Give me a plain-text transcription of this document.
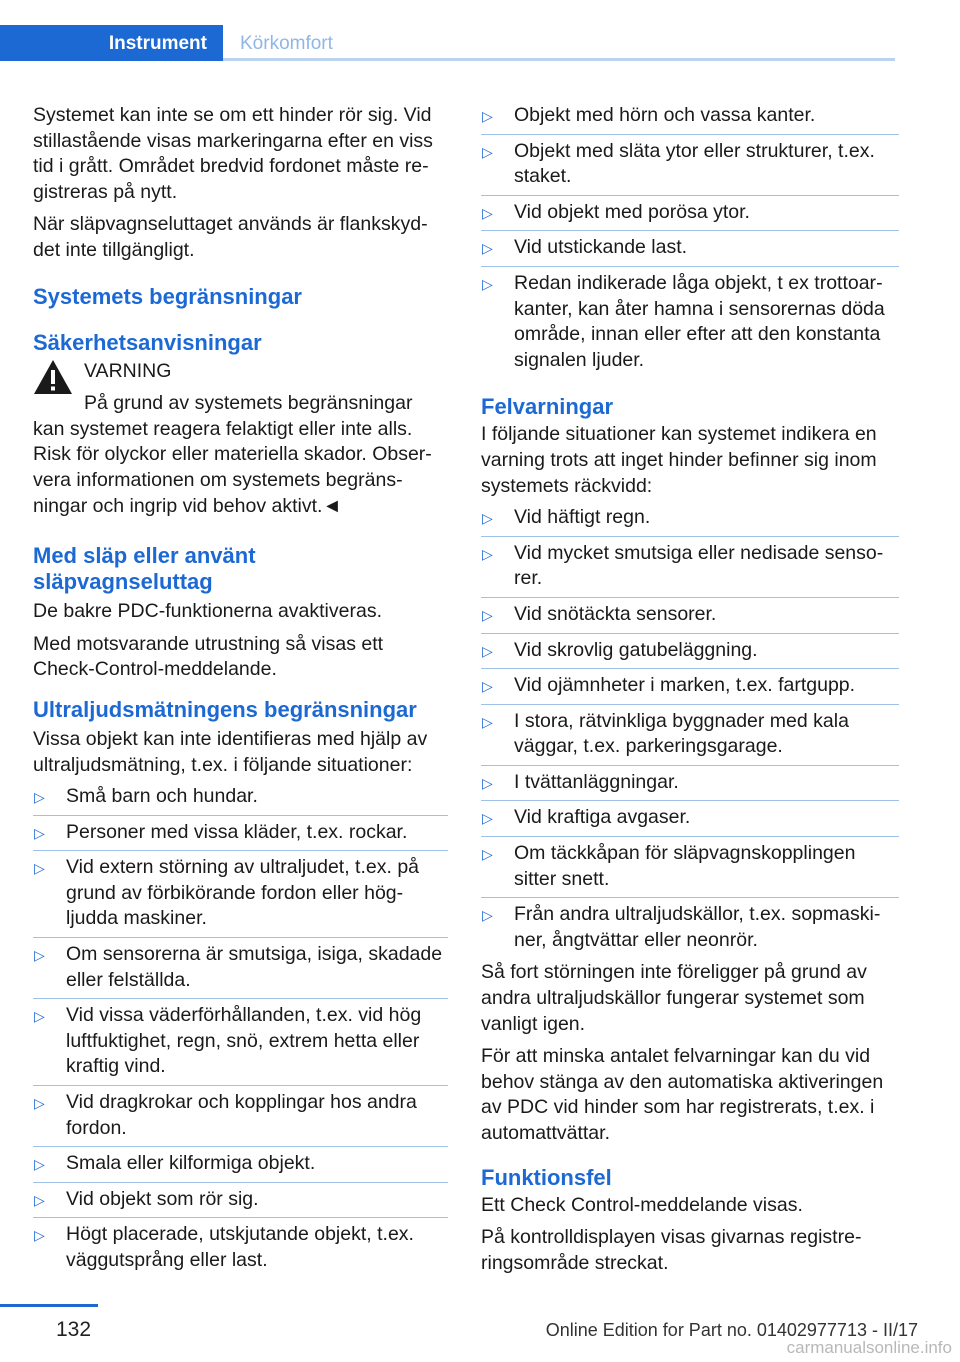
Instrument Körkomfort

Systemet kan inte se om ett hinder rör sig. Vid stillastående visas markeringarna efter en viss tid i grått. Området bredvid fordonet måste registreras på nytt.

När släpvagnseluttaget används är flankskyddet inte tillgängligt.

Systemets begränsningar
Säkerhetsanvisningar
VARNING
På grund av systemets begränsningar
kan systemet reagera felaktigt eller inte alls. Risk för olyckor eller materiella skador. Observera informationen om systemets begränsningar och ingrip vid behov aktivt.◄
Med släp eller använt släpvagnseluttag

De bakre PDC-funktionerna avaktiveras.

Med motsvarande utrustning så visas ett Check-Control-meddelande.

Ultraljudsmätningens begränsningar

Vissa objekt kan inte identifieras med hjälp av ultraljudsmätning, t.ex. i följande situationer:

▷ Små barn och hundar.
▷ Personer med vissa kläder, t.ex. rockar.
▷ Vid extern störning av ultraljudet, t.ex. på grund av förbikörande fordon eller högljudda maskiner.
▷ Om sensorerna är smutsiga, isiga, skadade eller felställda.
▷ Vid vissa väderförhållanden, t.ex. vid hög luftfuktighet, regn, snö, extrem hetta eller kraftig vind.
▷ Vid dragkrokar och kopplingar hos andra fordon.
▷ Smala eller kilformiga objekt.
▷ Vid objekt som rör sig.
▷ Högt placerade, utskjutande objekt, t.ex. väggutsprång eller last.
▷ Objekt med hörn och vassa kanter.
▷ Objekt med släta ytor eller strukturer, t.ex. staket.
▷ Vid objekt med porösa ytor.
▷ Vid utstickande last.
▷ Redan indikerade låga objekt, t ex trottoarkanter, kan åter hamna i sensorernas döda område, innan eller efter att den konstanta signalen ljuder.
Felvarningar

I följande situationer kan systemet indikera en varning trots att inget hinder befinner sig inom systemets räckvidd:

▷ Vid häftigt regn.
▷ Vid mycket smutsiga eller nedisade sensorer.
▷ Vid snötäckta sensorer.
▷ Vid skrovlig gatubeläggning.
▷ Vid ojämnheter i marken, t.ex. fartgupp.
▷ I stora, rätvinkliga byggnader med kala väggar, t.ex. parkeringsgarage.
▷ I tvättanläggningar.
▷ Vid kraftiga avgaser.
▷ Om täckkåpan för släpvagnskopplingen sitter snett.
▷ Från andra ultraljudskällor, t.ex. sopmaskiner, ångtvättar eller neonrör.

Så fort störningen inte föreligger på grund av andra ultraljudskällor fungerar systemet som vanligt igen.

För att minska antalet felvarningar kan du vid behov stänga av den automatiska aktiveringen av PDC vid hinder som har registrerats, t.ex. i automattvättar.

Funktionsfel

Ett Check Control-meddelande visas.

På kontrolldisplayen visas givarnas registreringsområde streckat.

132	Online Edition for Part no. 01402977713 - II/17
carmanualsonline.info
